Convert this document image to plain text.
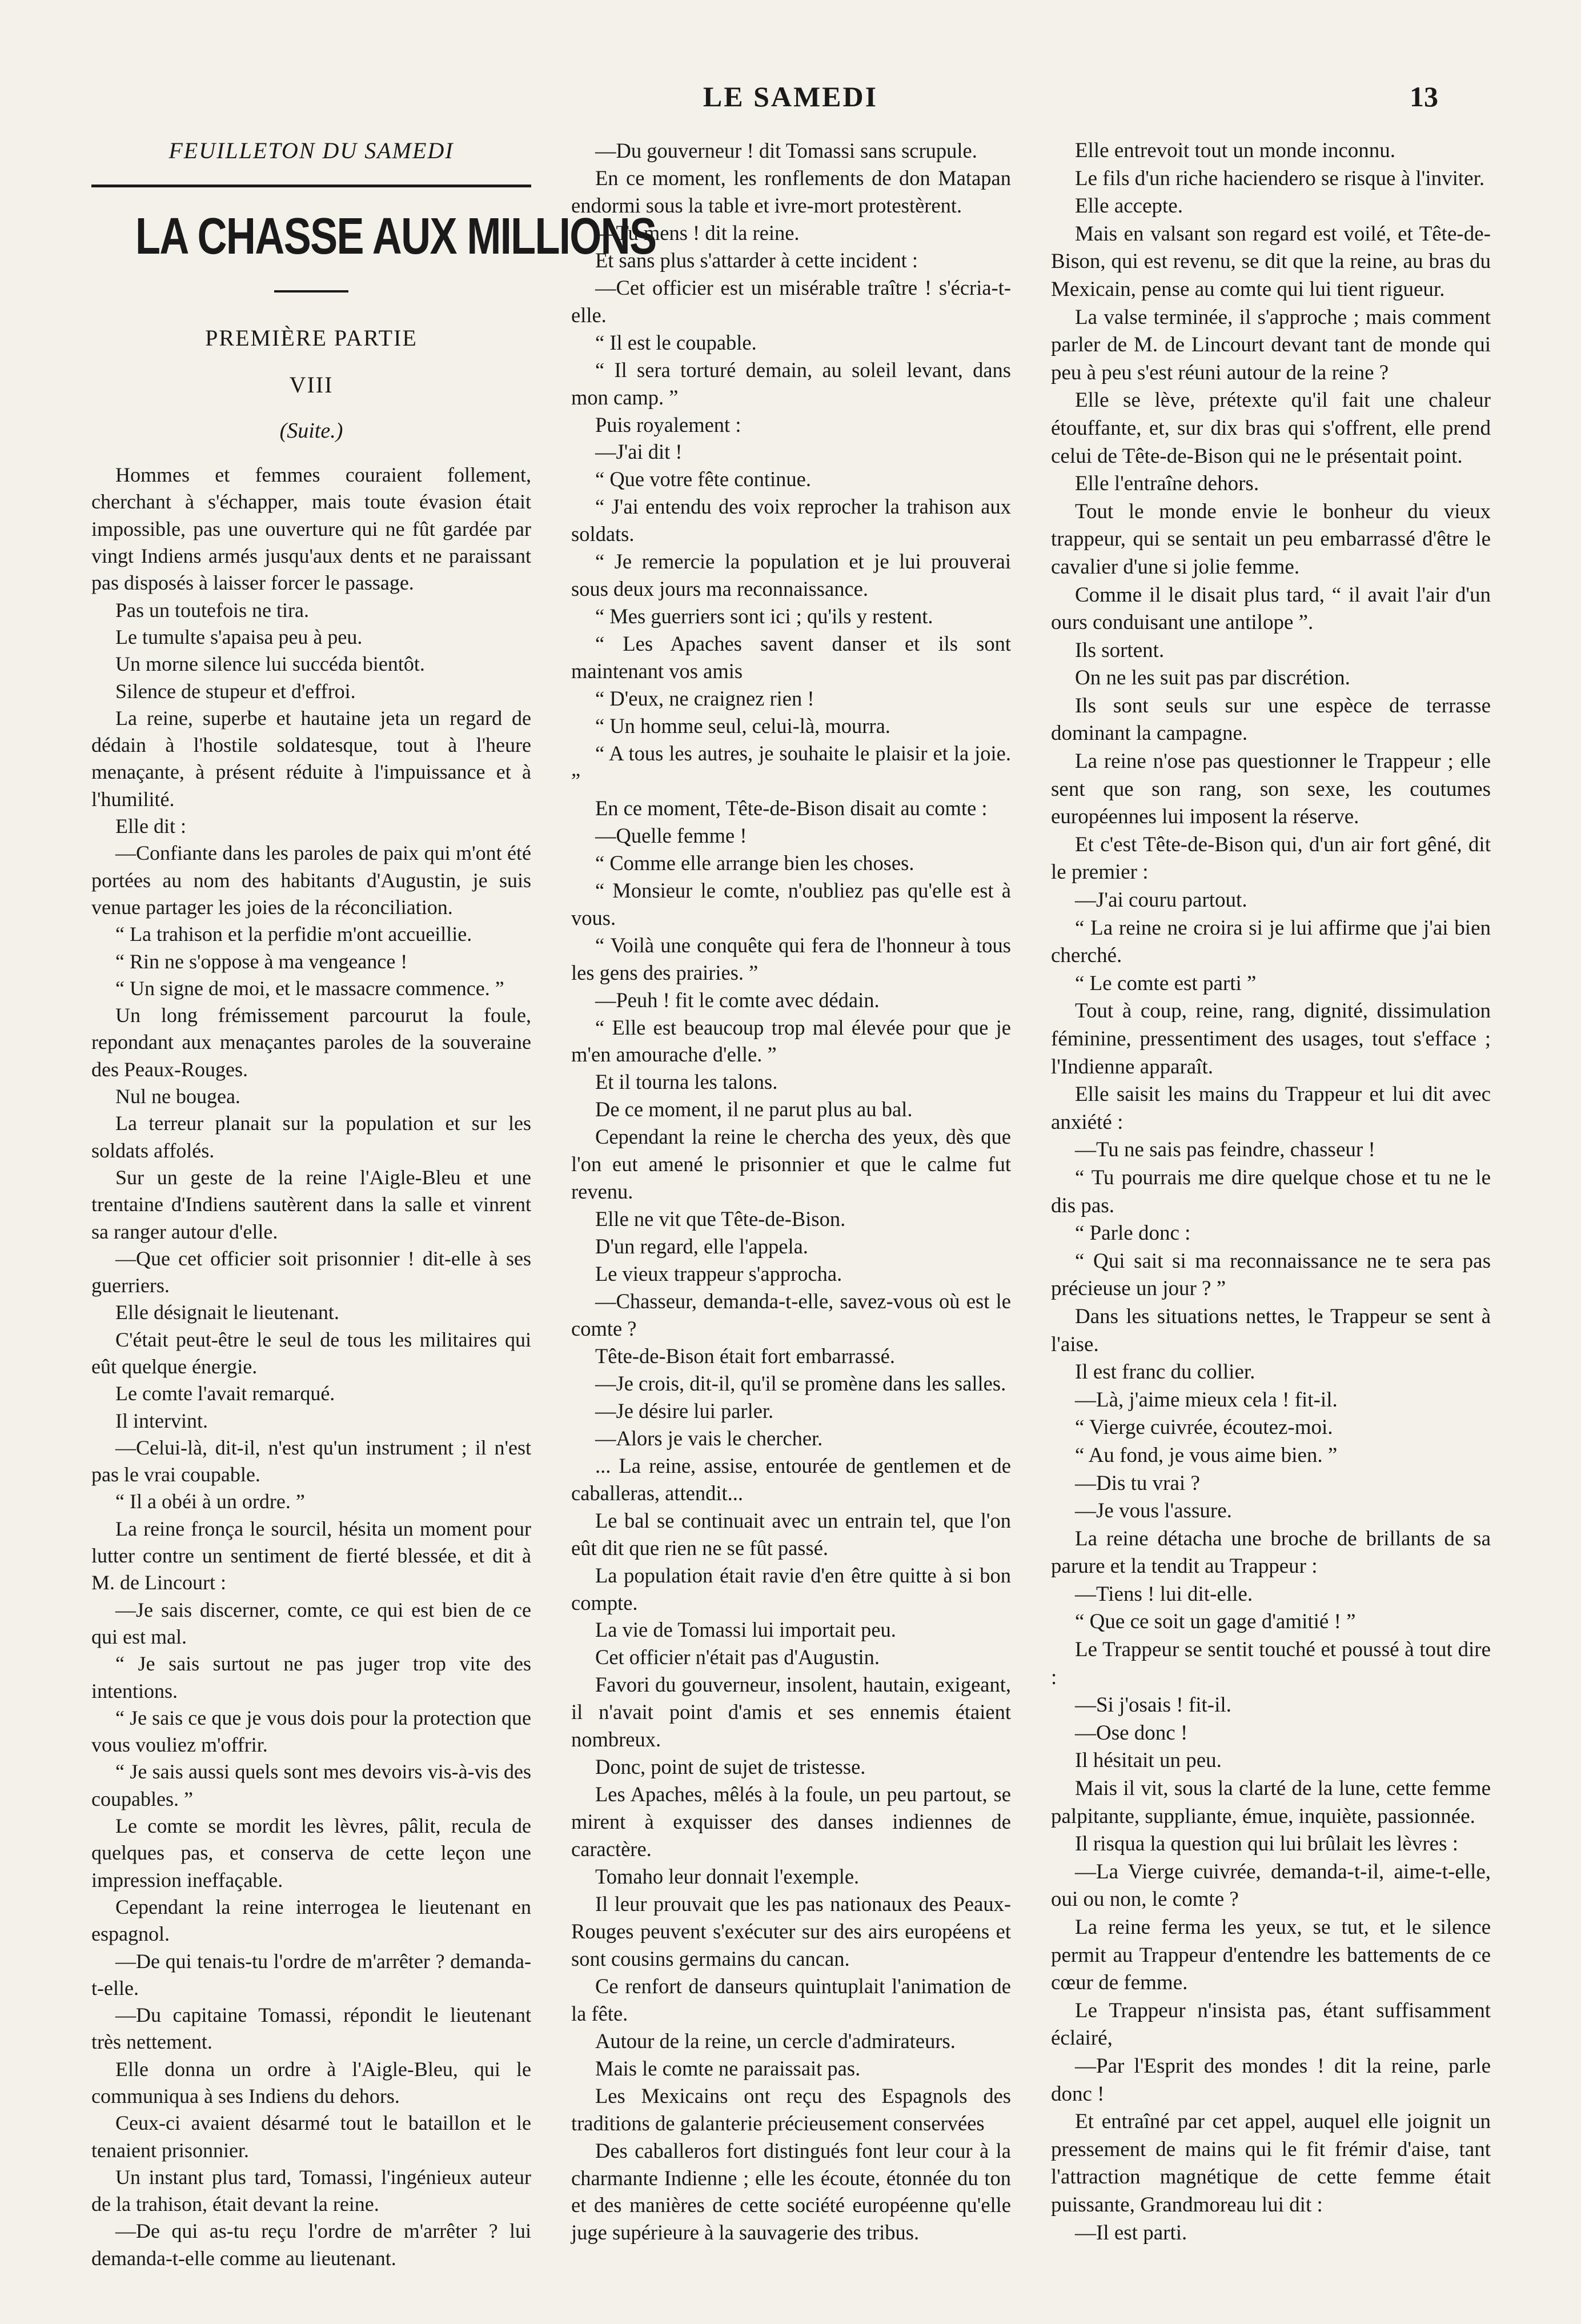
LE SAMEDI	13
FEUILLETON DU SAMEDI
LA CHASSE AUX MILLIONS
PREMIÈRE PARTIE
VIII
(Suite.)

Hommes et femmes couraient follement, cherchant à s'échapper, mais toute évasion était impossible, pas une ouverture qui ne fût gardée par vingt Indiens armés jusqu'aux dents et ne paraissant pas disposés à laisser forcer le passage.

Pas un toutefois ne tira.

Le tumulte s'apaisa peu à peu.

Un morne silence lui succéda bientôt.

Silence de stupeur et d'effroi.

La reine, superbe et hautaine jeta un regard de dédain à l'hostile soldatesque, tout à l'heure menaçante, à présent réduite à l'impuissance et à l'humilité.

Elle dit :

—Confiante dans les paroles de paix qui m'ont été portées au nom des habitants d'Augustin, je suis venue partager les joies de la réconciliation.

“ La trahison et la perfidie m'ont accueillie.

“ Rin ne s'oppose à ma vengeance !

“ Un signe de moi, et le massacre commence. ”

Un long frémissement parcourut la foule, repondant aux menaçantes paroles de la souveraine des Peaux-Rouges.

Nul ne bougea.

La terreur planait sur la population et sur les soldats affolés.

Sur un geste de la reine l'Aigle-Bleu et une trentaine d'Indiens sautèrent dans la salle et vinrent sa ranger autour d'elle.

—Que cet officier soit prisonnier ! dit-elle à ses guerriers.

Elle désignait le lieutenant.

C'était peut-être le seul de tous les militaires qui eût quelque énergie.

Le comte l'avait remarqué.

Il intervint.

—Celui-là, dit-il, n'est qu'un instrument ; il n'est pas le vrai coupable.

“ Il a obéi à un ordre. ”

La reine fronça le sourcil, hésita un moment pour lutter contre un sentiment de fierté blessée, et dit à M. de Lincourt :

—Je sais discerner, comte, ce qui est bien de ce qui est mal.

“ Je sais surtout ne pas juger trop vite des intentions.

“ Je sais ce que je vous dois pour la protection que vous vouliez m'offrir.

“ Je sais aussi quels sont mes devoirs vis-à-vis des coupables. ”

Le comte se mordit les lèvres, pâlit, recula de quelques pas, et conserva de cette leçon une impression ineffaçable.

Cependant la reine interrogea le lieutenant en espagnol.

—De qui tenais-tu l'ordre de m'arrêter ? demanda-t-elle.

—Du capitaine Tomassi, répondit le lieutenant très nettement.

Elle donna un ordre à l'Aigle-Bleu, qui le communiqua à ses Indiens du dehors.

Ceux-ci avaient désarmé tout le bataillon et le tenaient prisonnier.

Un instant plus tard, Tomassi, l'ingénieux auteur de la trahison, était devant la reine.

—De qui as-tu reçu l'ordre de m'arrêter ? lui demanda-t-elle comme au lieutenant.

—Du gouverneur ! dit Tomassi sans scrupule.

En ce moment, les ronflements de don Matapan endormi sous la table et ivre-mort protestèrent.

—Tu mens ! dit la reine.

Et sans plus s'attarder à cette incident :

—Cet officier est un misérable traître ! s'écria-t-elle.

“ Il est le coupable.

“ Il sera torturé demain, au soleil levant, dans mon camp. ”

Puis royalement :

—J'ai dit !

“ Que votre fête continue.

“ J'ai entendu des voix reprocher la trahison aux soldats.

“ Je remercie la population et je lui prouverai sous deux jours ma reconnaissance.

“ Mes guerriers sont ici ; qu'ils y restent.

“ Les Apaches savent danser et ils sont maintenant vos amis

“ D'eux, ne craignez rien !

“ Un homme seul, celui-là, mourra.

“ A tous les autres, je souhaite le plaisir et la joie. ”

En ce moment, Tête-de-Bison disait au comte :

—Quelle femme !

“ Comme elle arrange bien les choses.

“ Monsieur le comte, n'oubliez pas qu'elle est à vous.

“ Voilà une conquête qui fera de l'honneur à tous les gens des prairies. ”

—Peuh ! fit le comte avec dédain.

“ Elle est beaucoup trop mal élevée pour que je m'en amourache d'elle. ”

Et il tourna les talons.

De ce moment, il ne parut plus au bal.

Cependant la reine le chercha des yeux, dès que l'on eut amené le prisonnier et que le calme fut revenu.

Elle ne vit que Tête-de-Bison.

D'un regard, elle l'appela.

Le vieux trappeur s'approcha.

—Chasseur, demanda-t-elle, savez-vous où est le comte ?

Tête-de-Bison était fort embarrassé.

—Je crois, dit-il, qu'il se promène dans les salles.

—Je désire lui parler.

—Alors je vais le chercher.

... La reine, assise, entourée de gentlemen et de caballeras, attendit...

Le bal se continuait avec un entrain tel, que l'on eût dit que rien ne se fût passé.

La population était ravie d'en être quitte à si bon compte.

La vie de Tomassi lui importait peu.

Cet officier n'était pas d'Augustin.

Favori du gouverneur, insolent, hautain, exigeant, il n'avait point d'amis et ses ennemis étaient nombreux.

Donc, point de sujet de tristesse.

Les Apaches, mêlés à la foule, un peu partout, se mirent à exquisser des danses indiennes de caractère.

Tomaho leur donnait l'exemple.

Il leur prouvait que les pas nationaux des Peaux-Rouges peuvent s'exécuter sur des airs européens et sont cousins germains du cancan.

Ce renfort de danseurs quintuplait l'animation de la fête.

Autour de la reine, un cercle d'admirateurs.

Mais le comte ne paraissait pas.

Les Mexicains ont reçu des Espagnols des traditions de galanterie précieusement conservées

Des caballeros fort distingués font leur cour à la charmante Indienne ; elle les écoute, étonnée du ton et des manières de cette société européenne qu'elle juge supérieure à la sauvagerie des tribus.

Elle entrevoit tout un monde inconnu.

Le fils d'un riche haciendero se risque à l'inviter.

Elle accepte.

Mais en valsant son regard est voilé, et Tête-de-Bison, qui est revenu, se dit que la reine, au bras du Mexicain, pense au comte qui lui tient rigueur.

La valse terminée, il s'approche ; mais comment parler de M. de Lincourt devant tant de monde qui peu à peu s'est réuni autour de la reine ?

Elle se lève, prétexte qu'il fait une chaleur étouffante, et, sur dix bras qui s'offrent, elle prend celui de Tête-de-Bison qui ne le présentait point.

Elle l'entraîne dehors.

Tout le monde envie le bonheur du vieux trappeur, qui se sentait un peu embarrassé d'être le cavalier d'une si jolie femme.

Comme il le disait plus tard, “ il avait l'air d'un ours conduisant une antilope ”.

Ils sortent.

On ne les suit pas par discrétion.

Ils sont seuls sur une espèce de terrasse dominant la campagne.

La reine n'ose pas questionner le Trappeur ; elle sent que son rang, son sexe, les coutumes européennes lui imposent la réserve.

Et c'est Tête-de-Bison qui, d'un air fort gêné, dit le premier :

—J'ai couru partout.

“ La reine ne croira si je lui affirme que j'ai bien cherché.

“ Le comte est parti ”

Tout à coup, reine, rang, dignité, dissimulation féminine, pressentiment des usages, tout s'efface ; l'Indienne apparaît.

Elle saisit les mains du Trappeur et lui dit avec anxiété :

—Tu ne sais pas feindre, chasseur !

“ Tu pourrais me dire quelque chose et tu ne le dis pas.

“ Parle donc :

“ Qui sait si ma reconnaissance ne te sera pas précieuse un jour ? ”

Dans les situations nettes, le Trappeur se sent à l'aise.

Il est franc du collier.

—Là, j'aime mieux cela ! fit-il.

“ Vierge cuivrée, écoutez-moi.

“ Au fond, je vous aime bien. ”

—Dis tu vrai ?

—Je vous l'assure.

La reine détacha une broche de brillants de sa parure et la tendit au Trappeur :

—Tiens ! lui dit-elle.

“ Que ce soit un gage d'amitié ! ”

Le Trappeur se sentit touché et poussé à tout dire :

—Si j'osais ! fit-il.

—Ose donc !

Il hésitait un peu.

Mais il vit, sous la clarté de la lune, cette femme palpitante, suppliante, émue, inquiète, passionnée.

Il risqua la question qui lui brûlait les lèvres :

—La Vierge cuivrée, demanda-t-il, aime-t-elle, oui ou non, le comte ?

La reine ferma les yeux, se tut, et le silence permit au Trappeur d'entendre les battements de ce cœur de femme.

Le Trappeur n'insista pas, étant suffisamment éclairé,

—Par l'Esprit des mondes ! dit la reine, parle donc !

Et entraîné par cet appel, auquel elle joignit un pressement de mains qui le fit frémir d'aise, tant l'attraction magnétique de cette femme était puissante, Grandmoreau lui dit :

—Il est parti.
